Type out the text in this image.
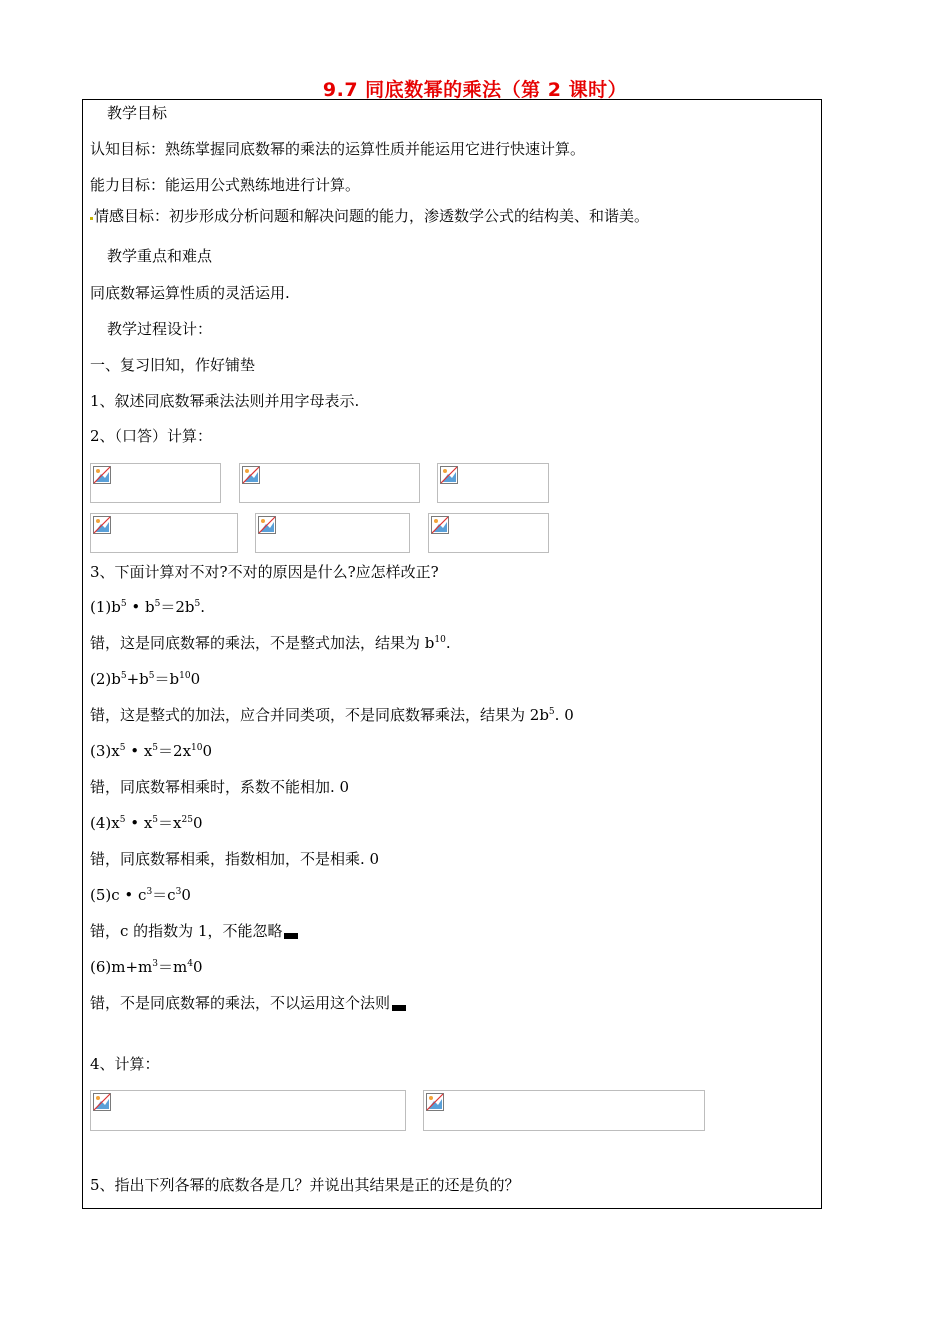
9.7 同底数幂的乘法（第 2 课时）
教学目标
认知目标：熟练掌握同底数幂的乘法的运算性质并能运用它进行快速计算。
能力目标：能运用公式熟练地进行计算。
情感目标：初步形成分析问题和解决问题的能力，渗透数学公式的结构美、和谐美。
教学重点和难点
同底数幂运算性质的灵活运用.
教学过程设计：
一、复习旧知，作好铺垫
1、叙述同底数幂乘法法则并用字母表示.
2、（口答）计算：
3、下面计算对不对?不对的原因是什么?应怎样改正?
$(1)b^5$ • $b^5=2b^5$.
错，这是同底数幂的乘法，不是整式加法，结果为 $b^{10}$.
$(2)b^5+b^5=b^{10}0$
错，这是整式的加法，应合并同类项，不是同底数幂乘法，结果为 $2b^5$. 0
$(3)x^5$ • $x^5=2x^{10}0$
错，同底数幂相乘时，系数不能相加. 0
$(4)x^5$ • $x^5=x^{25}0$
错，同底数幂相乘，指数相加，不是相乘. 0
(5)c • $c^3=c^30$
错，c 的指数为 1，不能忽略
$(6)m+m^3=m^40$
错，不是同底数幂的乘法，不以运用这个法则
4、计算：
5、指出下列各幂的底数各是几？并说出其结果是正的还是负的？
